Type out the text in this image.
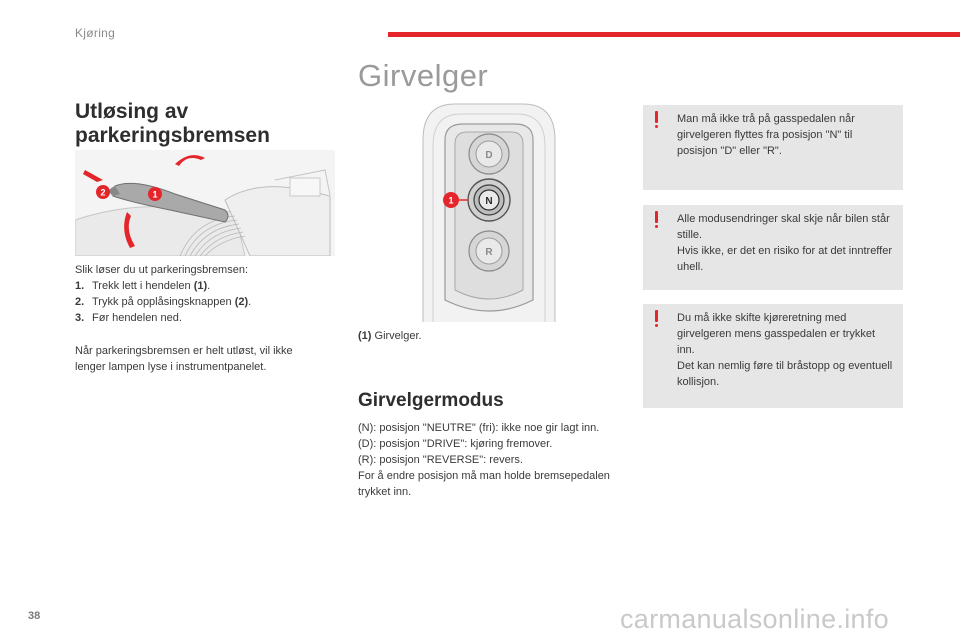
Kjøring
Girvelger
Utløsing av
parkeringsbremsen
2	1
Slik løser du ut parkeringsbremsen:
1. Trekk lett i hendelen (1).
2. Trykk på opplåsingsknappen (2).
3. Før hendelen ned.
Når parkeringsbremsen er helt utløst, vil ikke lenger lampen lyse i instrumentpanelet.
D
N
R
1
(1) Girvelger.
Girvelgermodus
(N): posisjon "NEUTRE" (fri): ikke noe gir lagt inn.
(D): posisjon "DRIVE": kjøring fremover.
(R): posisjon "REVERSE": revers.
For å endre posisjon må man holde bremsepedalen trykket inn.

Man må ikke trå på gasspedalen når girvelgeren flyttes fra posisjon "N" til posisjon "D" eller "R".

Alle modusendringer skal skje når bilen står stille.

Hvis ikke, er det en risiko for at det inntreffer uhell.

Du må ikke skifte kjøreretning med girvelgeren mens gasspedalen er trykket inn.

Det kan nemlig føre til bråstopp og eventuell kollisjon.

38	carmanualsonline.info
